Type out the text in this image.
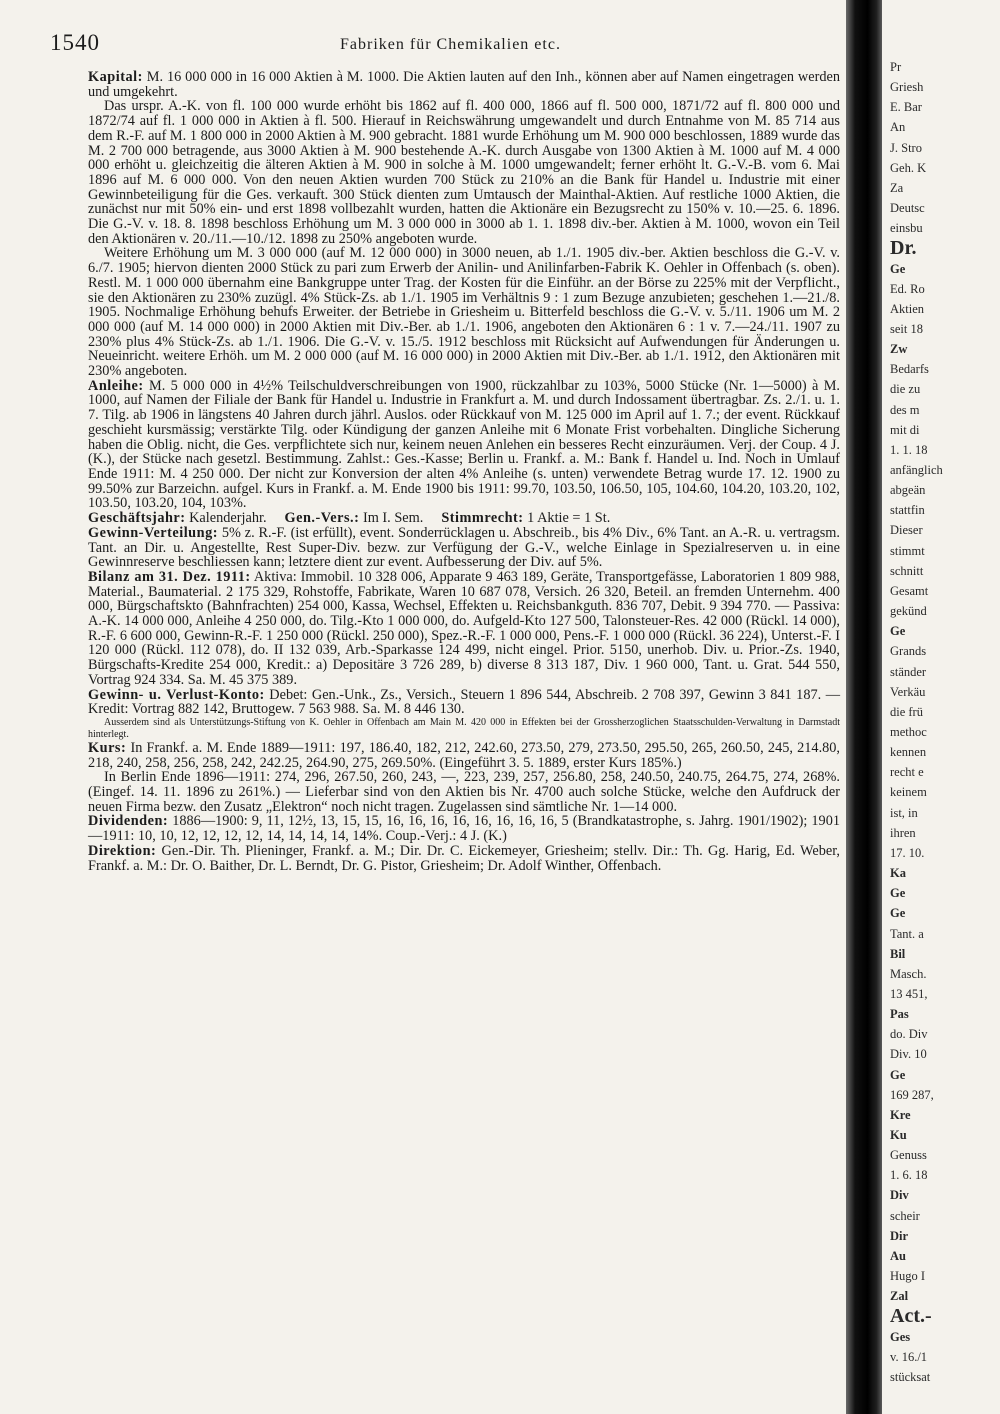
1540	Fabriken für Chemikalien etc.

Kapital: M. 16 000 000 in 16 000 Aktien à M. 1000. Die Aktien lauten auf den Inh., können aber auf Namen eingetragen werden und umgekehrt.

Das urspr. A.-K. von fl. 100 000 wurde erhöht bis 1862 auf fl. 400 000, 1866 auf fl. 500 000, 1871/72 auf fl. 800 000 und 1872/74 auf fl. 1 000 000 in Aktien à fl. 500. Hierauf in Reichswährung umgewandelt und durch Entnahme von M. 85 714 aus dem R.-F. auf M. 1 800 000 in 2000 Aktien à M. 900 gebracht. 1881 wurde Erhöhung um M. 900 000 beschlossen, 1889 wurde das M. 2 700 000 betragende, aus 3000 Aktien à M. 900 bestehende A.-K. durch Ausgabe von 1300 Aktien à M. 1000 auf M. 4 000 000 erhöht u. gleichzeitig die älteren Aktien à M. 900 in solche à M. 1000 umgewandelt; ferner erhöht lt. G.-V.-B. vom 6. Mai 1896 auf M. 6 000 000. Von den neuen Aktien wurden 700 Stück zu 210% an die Bank für Handel u. Industrie mit einer Gewinnbeteiligung für die Ges. verkauft. 300 Stück dienten zum Umtausch der Mainthal-Aktien. Auf restliche 1000 Aktien, die zunächst nur mit 50% ein- und erst 1898 vollbezahlt wurden, hatten die Aktionäre ein Bezugsrecht zu 150% v. 10.—25. 6. 1896. Die G.-V. v. 18. 8. 1898 beschloss Erhöhung um M. 3 000 000 in 3000 ab 1. 1. 1898 div.-ber. Aktien à M. 1000, wovon ein Teil den Aktionären v. 20./11.—10./12. 1898 zu 250% angeboten wurde.

Weitere Erhöhung um M. 3 000 000 (auf M. 12 000 000) in 3000 neuen, ab 1./1. 1905 div.-ber. Aktien beschloss die G.-V. v. 6./7. 1905; hiervon dienten 2000 Stück zu pari zum Erwerb der Anilin- und Anilinfarben-Fabrik K. Oehler in Offenbach (s. oben). Restl. M. 1 000 000 übernahm eine Bankgruppe unter Trag. der Kosten für die Einführ. an der Börse zu 225% mit der Verpflicht., sie den Aktionären zu 230% zuzügl. 4% Stück-Zs. ab 1./1. 1905 im Verhältnis 9 : 1 zum Bezuge anzubieten; geschehen 1.—21./8. 1905. Nochmalige Erhöhung behufs Erweiter. der Betriebe in Griesheim u. Bitterfeld beschloss die G.-V. v. 5./11. 1906 um M. 2 000 000 (auf M. 14 000 000) in 2000 Aktien mit Div.-Ber. ab 1./1. 1906, angeboten den Aktionären 6 : 1 v. 7.—24./11. 1907 zu 230% plus 4% Stück-Zs. ab 1./1. 1906. Die G.-V. v. 15./5. 1912 beschloss mit Rücksicht auf Aufwendungen für Änderungen u. Neueinricht. weitere Erhöh. um M. 2 000 000 (auf M. 16 000 000) in 2000 Aktien mit Div.-Ber. ab 1./1. 1912, den Aktionären mit 230% angeboten.

Anleihe: M. 5 000 000 in 4½% Teilschuldverschreibungen von 1900, rückzahlbar zu 103%, 5000 Stücke (Nr. 1—5000) à M. 1000, auf Namen der Filiale der Bank für Handel u. Industrie in Frankfurt a. M. und durch Indossament übertragbar. Zs. 2./1. u. 1. 7. Tilg. ab 1906 in längstens 40 Jahren durch jährl. Auslos. oder Rückkauf von M. 125 000 im April auf 1. 7.; der event. Rückkauf geschieht kursmässig; verstärkte Tilg. oder Kündigung der ganzen Anleihe mit 6 Monate Frist vorbehalten. Dingliche Sicherung haben die Oblig. nicht, die Ges. verpflichtete sich nur, keinem neuen Anlehen ein besseres Recht einzuräumen. Verj. der Coup. 4 J. (K.), der Stücke nach gesetzl. Bestimmung. Zahlst.: Ges.-Kasse; Berlin u. Frankf. a. M.: Bank f. Handel u. Ind. Noch in Umlauf Ende 1911: M. 4 250 000. Der nicht zur Konversion der alten 4% Anleihe (s. unten) verwendete Betrag wurde 17. 12. 1900 zu 99.50% zur Barzeichn. aufgel. Kurs in Frankf. a. M. Ende 1900 bis 1911: 99.70, 103.50, 106.50, 105, 104.60, 104.20, 103.20, 102, 103.50, 103.20, 104, 103%.

Geschäftsjahr: Kalenderjahr. Gen.-Vers.: Im I. Sem. Stimmrecht: 1 Aktie = 1 St.

Gewinn-Verteilung: 5% z. R.-F. (ist erfüllt), event. Sonderrücklagen u. Abschreib., bis 4% Div., 6% Tant. an A.-R. u. vertragsm. Tant. an Dir. u. Angestellte, Rest Super-Div. bezw. zur Verfügung der G.-V., welche Einlage in Spezialreserven u. in eine Gewinnreserve beschliessen kann; letztere dient zur event. Aufbesserung der Div. auf 5%.

Bilanz am 31. Dez. 1911: Aktiva: Immobil. 10 328 006, Apparate 9 463 189, Geräte, Transportgefässe, Laboratorien 1 809 988, Material., Baumaterial. 2 175 329, Rohstoffe, Fabrikate, Waren 10 687 078, Versich. 26 320, Beteil. an fremden Unternehm. 400 000, Bürgschaftskto (Bahnfrachten) 254 000, Kassa, Wechsel, Effekten u. Reichsbankguth. 836 707, Debit. 9 394 770. — Passiva: A.-K. 14 000 000, Anleihe 4 250 000, do. Tilg.-Kto 1 000 000, do. Aufgeld-Kto 127 500, Talonsteuer-Res. 42 000 (Rückl. 14 000), R.-F. 6 600 000, Gewinn-R.-F. 1 250 000 (Rückl. 250 000), Spez.-R.-F. 1 000 000, Pens.-F. 1 000 000 (Rückl. 36 224), Unterst.-F. I 120 000 (Rückl. 112 078), do. II 132 039, Arb.-Sparkasse 124 499, nicht eingel. Prior. 5150, unerhob. Div. u. Prior.-Zs. 1940, Bürgschafts-Kredite 254 000, Kredit.: a) Depositäre 3 726 289, b) diverse 8 313 187, Div. 1 960 000, Tant. u. Grat. 544 550, Vortrag 924 334. Sa. M. 45 375 389.

Gewinn- u. Verlust-Konto: Debet: Gen.-Unk., Zs., Versich., Steuern 1 896 544, Abschreib. 2 708 397, Gewinn 3 841 187. — Kredit: Vortrag 882 142, Bruttogew. 7 563 988. Sa. M. 8 446 130.

Ausserdem sind als Unterstützungs-Stiftung von K. Oehler in Offenbach am Main M. 420 000 in Effekten bei der Grossherzoglichen Staatsschulden-Verwaltung in Darmstadt hinterlegt.

Kurs: In Frankf. a. M. Ende 1889—1911: 197, 186.40, 182, 212, 242.60, 273.50, 279, 273.50, 295.50, 265, 260.50, 245, 214.80, 218, 240, 258, 256, 258, 242, 242.25, 264.90, 275, 269.50%. (Eingeführt 3. 5. 1889, erster Kurs 185%.)

In Berlin Ende 1896—1911: 274, 296, 267.50, 260, 243, —, 223, 239, 257, 256.80, 258, 240.50, 240.75, 264.75, 274, 268%. (Eingef. 14. 11. 1896 zu 261%.) — Lieferbar sind von den Aktien bis Nr. 4700 auch solche Stücke, welche den Aufdruck der neuen Firma bezw. den Zusatz „Elektron“ noch nicht tragen. Zugelassen sind sämtliche Nr. 1—14 000.

Dividenden: 1886—1900: 9, 11, 12½, 13, 15, 15, 16, 16, 16, 16, 16, 16, 16, 16, 5 (Brandkatastrophe, s. Jahrg. 1901/1902); 1901—1911: 10, 10, 12, 12, 12, 12, 14, 14, 14, 14, 14%. Coup.-Verj.: 4 J. (K.)

Direktion: Gen.-Dir. Th. Plieninger, Frankf. a. M.; Dir. Dr. C. Eickemeyer, Griesheim; stellv. Dir.: Th. Gg. Harig, Ed. Weber, Frankf. a. M.: Dr. O. Baither, Dr. L. Berndt, Dr. G. Pistor, Griesheim; Dr. Adolf Winther, Offenbach.

Pr
Griesh
E. Bar
An
J. Stro
Geh. K
Za
Deutsc
einsbu
Dr.
Ge
Ed. Ro
Aktien
seit 18
Zw
Bedarfs
die zu
des m
mit di
1. 1. 18
anfänglich
abgeän
stattfin
Dieser
stimmt
schnitt
Gesamt
gekünd
Ge
Grands
ständer
Verkäu
die frü
methoc
kennen
recht e
keinem
ist, in
ihren
17. 10.
Ka
Ge
Ge
Tant. a
Bil
Masch.
13 451,
Pas
do. Div
Div. 10
Ge
169 287,
Kre
Ku
Genuss
1. 6. 18
Div
scheir
Dir
Au
Hugo I
Zal
Act.-
Ges
v. 16./1
stücksat
